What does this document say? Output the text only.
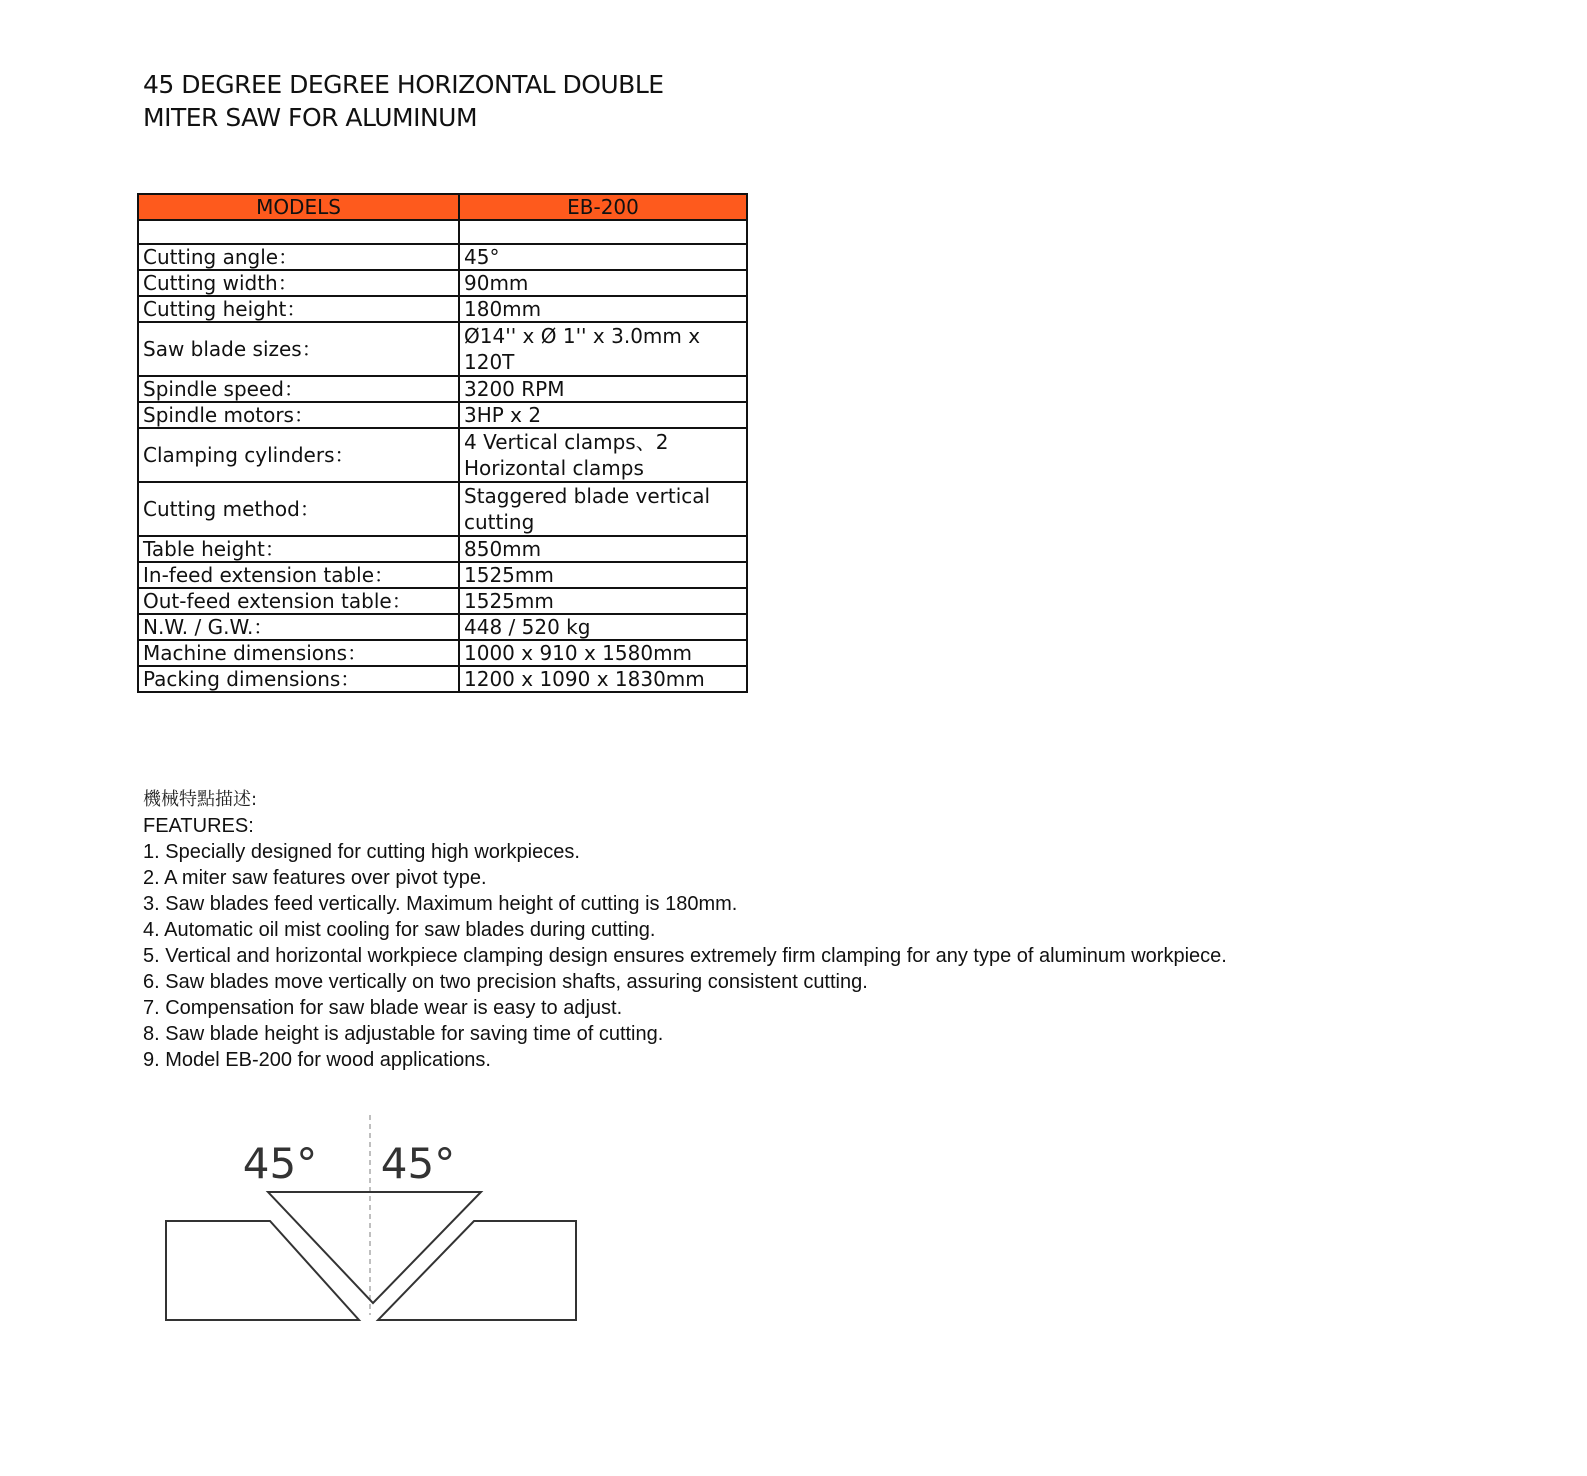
45 DEGREE DEGREE HORIZONTAL DOUBLE
MITER SAW FOR ALUMINUM
MODELS	EB-200

Cutting angle：	45°
Cutting width：	90mm
Cutting height：	180mm
Saw blade sizes：	Ø14'' x Ø 1'' x 3.0mm x 120T
Spindle speed：	3200 RPM
Spindle motors：	3HP x 2
Clamping cylinders：	4 Vertical clamps、2 Horizontal clamps
Cutting method：	Staggered blade vertical cutting
Table height：	850mm
In-feed extension table：	1525mm
Out-feed extension table：	1525mm
N.W. / G.W.：	448 / 520 kg
Machine dimensions：	1000 x 910 x 1580mm
Packing dimensions：	1200 x 1090 x 1830mm
機械特點描述:
FEATURES:
1. Specially designed for cutting high workpieces.
2. A miter saw features over pivot type.
3. Saw blades feed vertically. Maximum height of cutting is 180mm.
4. Automatic oil mist cooling for saw blades during cutting.
5. Vertical and horizontal workpiece clamping design ensures extremely firm clamping for any type of aluminum workpiece.
6. Saw blades move vertically on two precision shafts, assuring consistent cutting.
7. Compensation for saw blade wear is easy to adjust.
8. Saw blade height is adjustable for saving time of cutting.
9. Model EB-200 for wood applications.
45° 45°
